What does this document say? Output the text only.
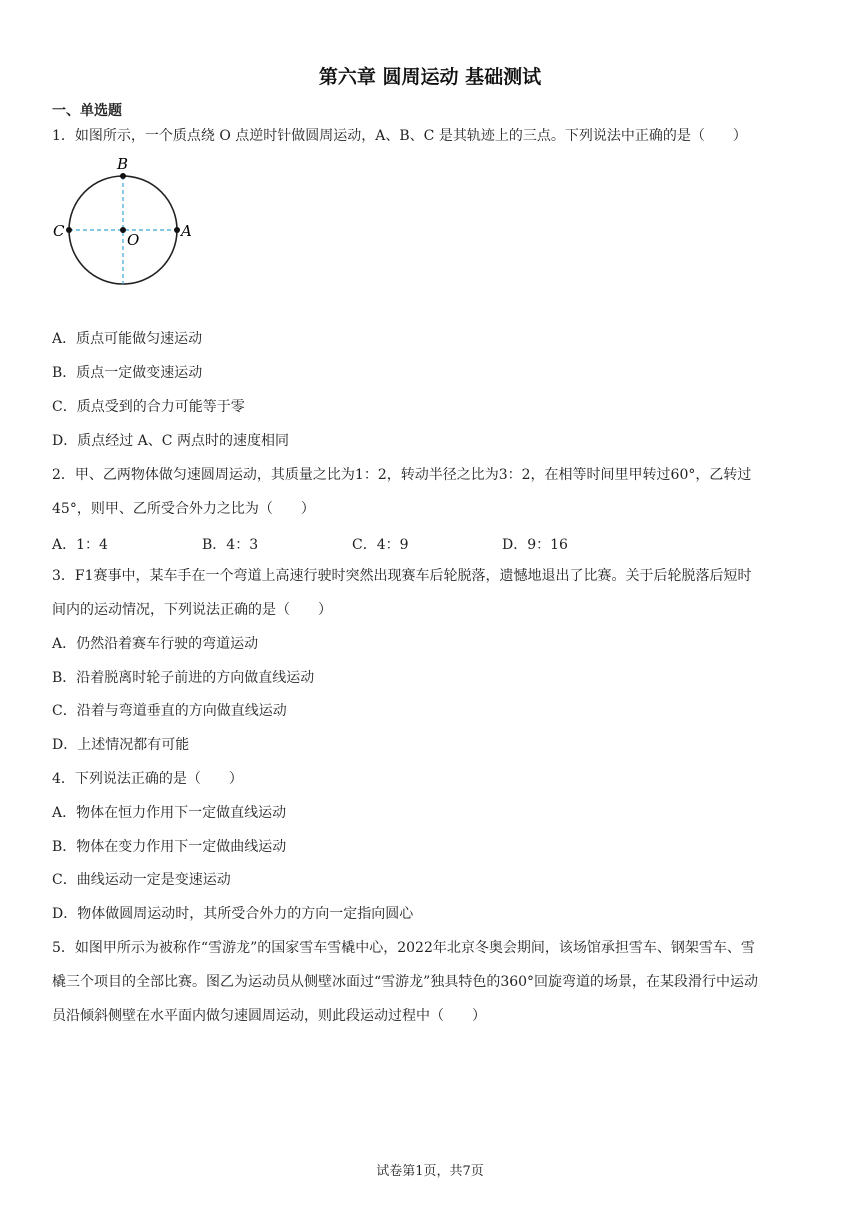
第六章 圆周运动 基础测试
一、单选题
1．如图所示，一个质点绕 O 点逆时针做圆周运动，A、B、C 是其轨迹上的三点。下列说法中正确的是（　　）
B
C	O	A
A．质点可能做匀速运动
B．质点一定做变速运动
C．质点受到的合力可能等于零
D．质点经过 A、C 两点时的速度相同
2．甲、乙两物体做匀速圆周运动，其质量之比为1：2，转动半径之比为3：2，在相等时间里甲转过60°，乙转过
45°，则甲、乙所受合外力之比为（　　）
A．1：4	B．4：3	C．4：9	D．9：16
3．F1赛事中，某车手在一个弯道上高速行驶时突然出现赛车后轮脱落，遗憾地退出了比赛。关于后轮脱落后短时
间内的运动情况，下列说法正确的是（　　）
A．仍然沿着赛车行驶的弯道运动
B．沿着脱离时轮子前进的方向做直线运动
C．沿着与弯道垂直的方向做直线运动
D．上述情况都有可能
4．下列说法正确的是（　　）
A．物体在恒力作用下一定做直线运动
B．物体在变力作用下一定做曲线运动
C．曲线运动一定是变速运动
D．物体做圆周运动时，其所受合外力的方向一定指向圆心
5．如图甲所示为被称作“雪游龙”的国家雪车雪橇中心，2022年北京冬奥会期间，该场馆承担雪车、钢架雪车、雪
橇三个项目的全部比赛。图乙为运动员从侧壁冰面过“雪游龙”独具特色的360°回旋弯道的场景，在某段滑行中运动
员沿倾斜侧壁在水平面内做匀速圆周运动，则此段运动过程中（　　）
试卷第1页，共7页
